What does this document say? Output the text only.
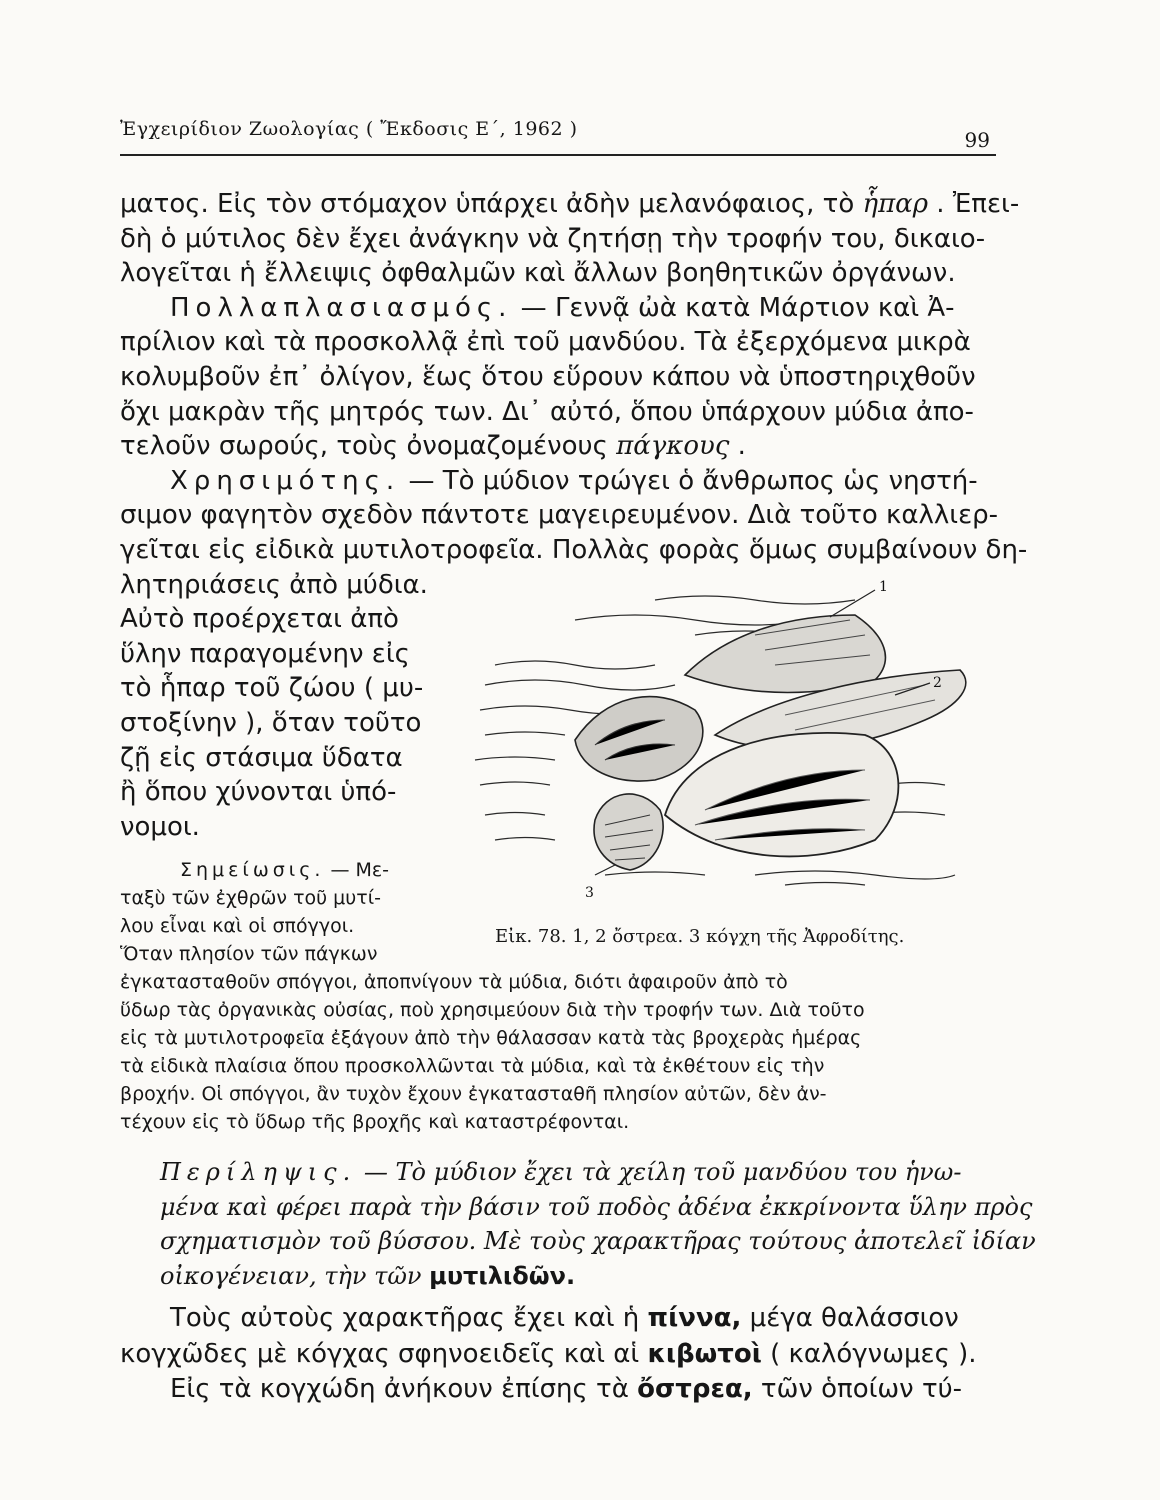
Ἐγχειρίδιον Ζωολογίας ( Ἔκδοσις Ε΄, 1962 )	99
ματος. Εἰς τὸν στόμαχον ὑπάρχει ἀδὴν μελανόφαιος, τὸ ἧπαρ . Ἐπει-
δὴ ὁ μύτιλος δὲν ἔχει ἀνάγκην νὰ ζητήσῃ τὴν τροφήν του, δικαιο-
λογεῖται ἡ ἔλλειψις ὀφθαλμῶν καὶ ἄλλων βοηθητικῶν ὀργάνων.
Πολλαπλασιασμός. — Γεννᾷ ὠὰ κατὰ Μάρτιον καὶ Ἀ-
πρίλιον καὶ τὰ προσκολλᾷ ἐπὶ τοῦ μανδύου. Τὰ ἐξερχόμενα μικρὰ
κολυμβοῦν ἐπ᾽ ὀλίγον, ἕως ὅτου εὕρουν κάπου νὰ ὑποστηριχθοῦν
ὄχι μακρὰν τῆς μητρός των. Δι᾽ αὐτό, ὅπου ὑπάρχουν μύδια ἀπο-
τελοῦν σωρούς, τοὺς ὀνομαζομένους πάγκους .
Χρησιμότης. — Τὸ μύδιον τρώγει ὁ ἄνθρωπος ὡς νηστή-
σιμον φαγητὸν σχεδὸν πάντοτε μαγειρευμένον. Διὰ τοῦτο καλλιερ-
γεῖται εἰς εἰδικὰ μυτιλοτροφεῖα. Πολλὰς φορὰς ὅμως συμβαίνουν δη-
λητηριάσεις ἀπὸ μύδια.
Αὐτὸ προέρχεται ἀπὸ
ὕλην παραγομένην εἰς
τὸ ἧπαρ τοῦ ζώου ( μυ-
στοξίνην ), ὅταν τοῦτο
ζῇ εἰς στάσιμα ὕδατα
ἢ ὅπου χύνονται ὑπό-
νομοι.
Σημείωσις. — Με-
ταξὺ τῶν ἐχθρῶν τοῦ μυτί-
λου εἶναι καὶ οἱ σπόγγοι.
Ὅταν πλησίον τῶν πάγκων
ἐγκατασταθοῦν σπόγγοι, ἀποπνίγουν τὰ μύδια, διότι ἀφαιροῦν ἀπὸ τὸ
ὕδωρ τὰς ὀργανικὰς οὐσίας, ποὺ χρησιμεύουν διὰ τὴν τροφήν των. Διὰ τοῦτο
εἰς τὰ μυτιλοτροφεῖα ἐξάγουν ἀπὸ τὴν θάλασσαν κατὰ τὰς βροχερὰς ἡμέρας
τὰ εἰδικὰ πλαίσια ὅπου προσκολλῶνται τὰ μύδια, καὶ τὰ ἐκθέτουν εἰς τὴν
βροχήν. Οἱ σπόγγοι, ἂν τυχὸν ἔχουν ἐγκατασταθῆ πλησίον αὐτῶν, δὲν ἀν-
τέχουν εἰς τὸ ὕδωρ τῆς βροχῆς καὶ καταστρέφονται.
1
2
3
Εἰκ. 78. 1, 2 ὄστρεα. 3 κόγχη τῆς Ἀφροδίτης.
Περίληψις. — Τὸ μύδιον ἔχει τὰ χείλη τοῦ μανδύου του ἡνω-
μένα καὶ φέρει παρὰ τὴν βάσιν τοῦ ποδὸς ἀδένα ἐκκρίνοντα ὕλην πρὸς
σχηματισμὸν τοῦ βύσσου. Μὲ τοὺς χαρακτῆρας τούτους ἀποτελεῖ ἰδίαν
οἰκογένειαν, τὴν τῶν μυτιλιδῶν.
Τοὺς αὐτοὺς χαρακτῆρας ἔχει καὶ ἡ πίννα, μέγα θαλάσσιον
κογχῶδες μὲ κόγχας σφηνοειδεῖς καὶ αἱ κιβωτοὶ ( καλόγνωμες ).
Εἰς τὰ κογχώδη ἀνήκουν ἐπίσης τὰ ὄστρεα, τῶν ὁποίων τύ-
